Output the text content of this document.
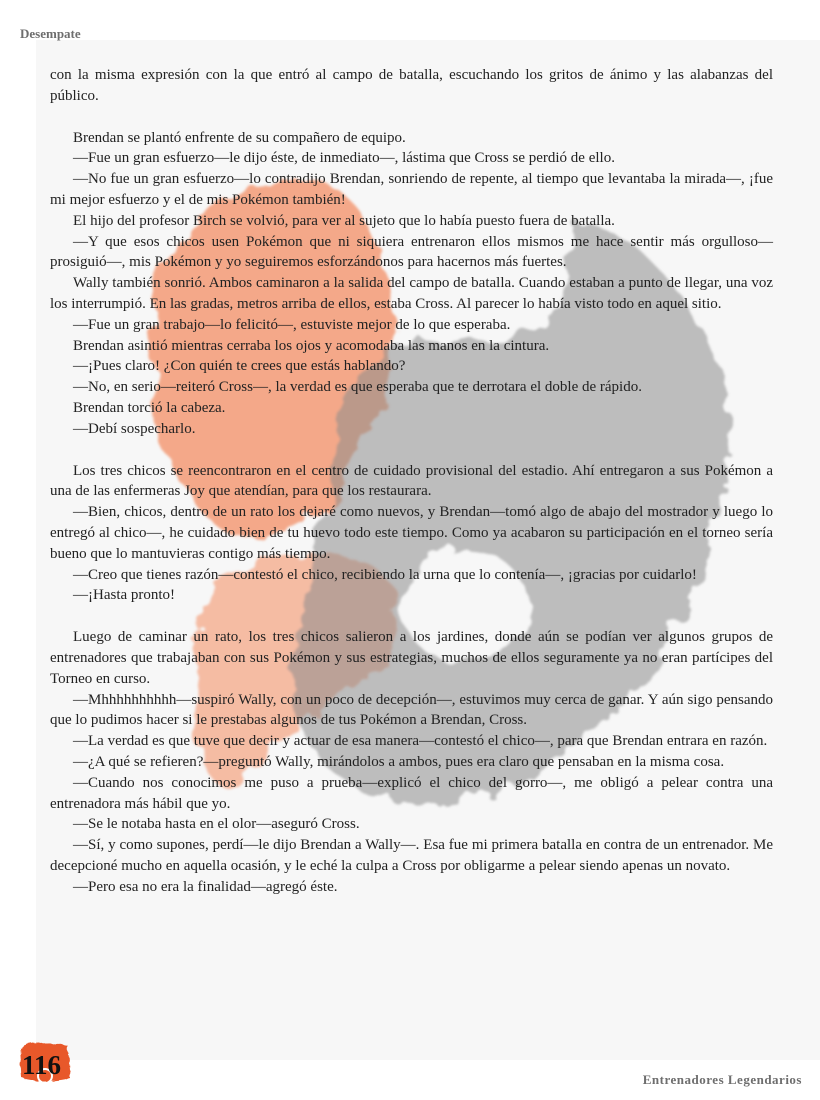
Desempate

con la misma expresión con la que entró al campo de batalla, escuchando los gritos de ánimo y las alabanzas del público.

Brendan se plantó enfrente de su compañero de equipo.

—Fue un gran esfuerzo—le dijo éste, de inmediato—, lástima que Cross se perdió de ello.

—No fue un gran esfuerzo—lo contradijo Brendan, sonriendo de repente, al tiempo que levantaba la mirada—, ¡fue mi mejor esfuerzo y el de mis Pokémon también!

El hijo del profesor Birch se volvió, para ver al sujeto que lo había puesto fuera de batalla.

—Y que esos chicos usen Pokémon que ni siquiera entrenaron ellos mismos me hace sentir más orgulloso—prosiguió—, mis Pokémon y yo seguiremos esforzándonos para hacernos más fuertes.

Wally también sonrió. Ambos caminaron a la salida del campo de batalla. Cuando estaban a punto de llegar, una voz los interrumpió. En las gradas, metros arriba de ellos, estaba Cross. Al parecer lo había visto todo en aquel sitio.

—Fue un gran trabajo—lo felicitó—, estuviste mejor de lo que esperaba.

Brendan asintió mientras cerraba los ojos y acomodaba las manos en la cintura.

—¡Pues claro! ¿Con quién te crees que estás hablando?

—No, en serio—reiteró Cross—, la verdad es que esperaba que te derrotara el doble de rápido.

Brendan torció la cabeza.

—Debí sospecharlo.

Los tres chicos se reencontraron en el centro de cuidado provisional del estadio. Ahí entregaron a sus Pokémon a una de las enfermeras Joy que atendían, para que los restaurara.

—Bien, chicos, dentro de un rato los dejaré como nuevos, y Brendan—tomó algo de abajo del mostrador y luego lo entregó al chico—, he cuidado bien de tu huevo todo este tiempo. Como ya acabaron su participación en el torneo sería bueno que lo mantuvieras contigo más tiempo.

—Creo que tienes razón—contestó el chico, recibiendo la urna que lo contenía—, ¡gracias por cuidarlo!

—¡Hasta pronto!

Luego de caminar un rato, los tres chicos salieron a los jardines, donde aún se podían ver algunos grupos de entrenadores que trabajaban con sus Pokémon y sus estrategias, muchos de ellos seguramente ya no eran partícipes del Torneo en curso.

—Mhhhhhhhhhh—suspiró Wally, con un poco de decepción—, estuvimos muy cerca de ganar. Y aún sigo pensando que lo pudimos hacer si le prestabas algunos de tus Pokémon a Brendan, Cross.

—La verdad es que tuve que decir y actuar de esa manera—contestó el chico—, para que Brendan entrara en razón.

—¿A qué se refieren?—preguntó Wally, mirándolos a ambos, pues era claro que pensaban en la misma cosa.

—Cuando nos conocimos me puso a prueba—explicó el chico del gorro—, me obligó a pelear contra una entrenadora más hábil que yo.

—Se le notaba hasta en el olor—aseguró Cross.

—Sí, y como supones, perdí—le dijo Brendan a Wally—. Esa fue mi primera batalla en contra de un entrenador. Me decepcioné mucho en aquella ocasión, y le eché la culpa a Cross por obligarme a pelear siendo apenas un novato.

—Pero esa no era la finalidad—agregó éste.

116	Entrenadores Legendarios
